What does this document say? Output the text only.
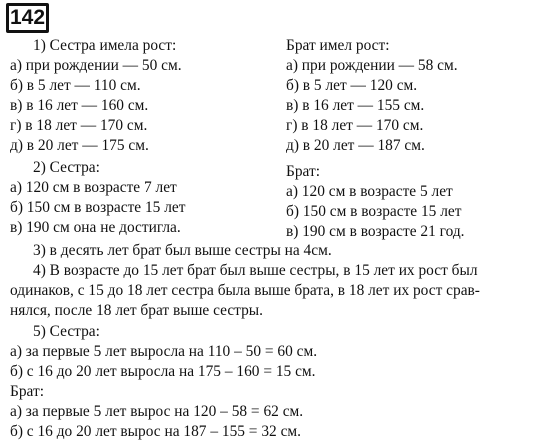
142
1) Сестра имела рост:
а) при рождении — 50 см.
б) в 5 лет — 110 см.
в) в 16 лет — 160 см.
г) в 18 лет — 170 см.
д) в 20 лет — 175 см.
Брат имел рост:
а) при рождении — 58 см.
б) в 5 лет — 120 см.
в) в 16 лет — 155 см.
г) в 18 лет — 170 см.
д) в 20 лет — 187 см.
2) Сестра:
а) 120 см в возрасте 7 лет
б) 150 см в возрасте 15 лет
в) 190 см она не достигла.
Брат:
а) 120 см в возрасте 5 лет
б) 150 см в возрасте 15 лет
в) 190 см в возрасте 21 год.
3) в десять лет брат был выше сестры на 4см.
4) В возрасте до 15 лет брат был выше сестры, в 15 лет их рост был
одинаков, с 15 до 18 лет сестра была выше брата, в 18 лет их рост срав-
нялся, после 18 лет брат выше сестры.
5) Сестра:
а) за первые 5 лет выросла на 110 – 50 = 60 см.
б) с 16 до 20 лет выросла на 175 – 160 = 15 см.
Брат:
а) за первые 5 лет вырос на 120 – 58 = 62 см.
б) с 16 до 20 лет вырос на 187 – 155 = 32 см.
